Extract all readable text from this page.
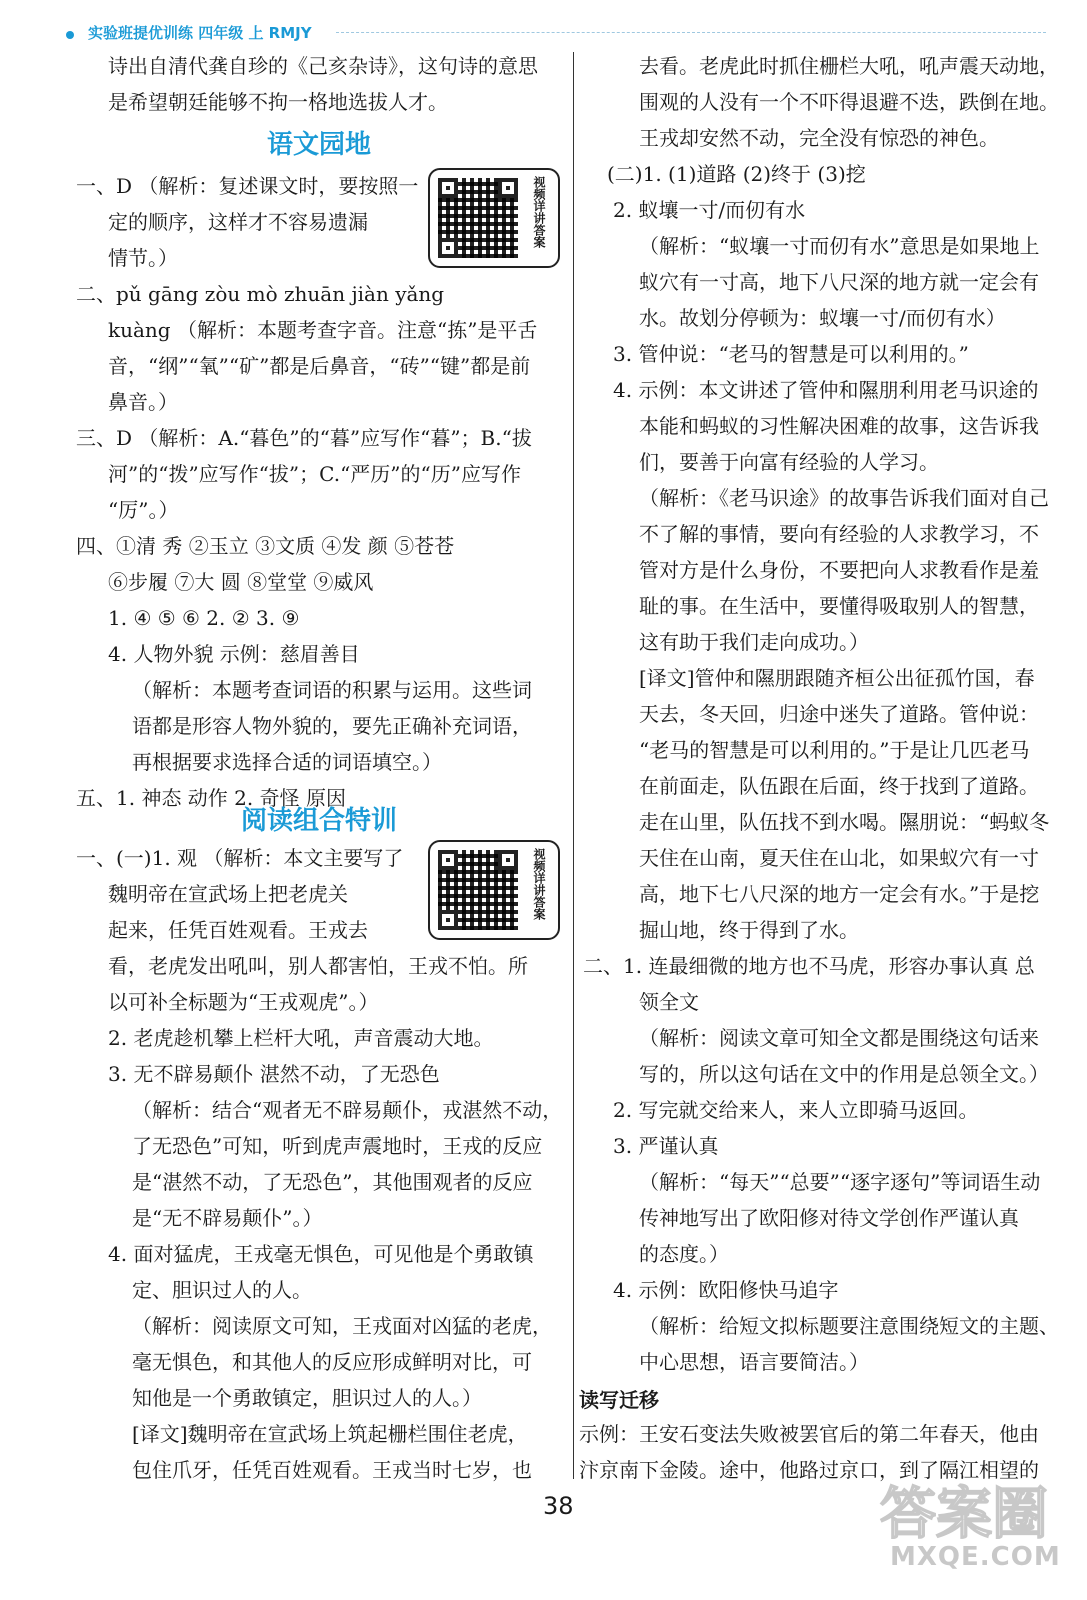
实验班提优训练 四年级 上 RMJY
诗出自清代龚自珍的《己亥杂诗》，这句诗的意思
是希望朝廷能够不拘一格地选拔人才。
语文园地
视频详讲答案
一、D （解析：复述课文时，要按照一
定的顺序，这样才不容易遗漏
情节。）
二、pǔ gāng zòu mò zhuān jiàn yǎng
kuàng （解析：本题考查字音。注意“拣”是平舌
音，“纲”“氧”“矿”都是后鼻音，“砖”“键”都是前
鼻音。）
三、D （解析：A.“暮色”的“暮”应写作“暮”；B.“拔
河”的“拨”应写作“拔”；C.“严历”的“历”应写作
“厉”。）
四、①清 秀 ②玉立 ③文质 ④发 颜 ⑤苍苍
⑥步履 ⑦大 圆 ⑧堂堂 ⑨威风
1. ④ ⑤ ⑥ 2. ② 3. ⑨
4. 人物外貌 示例：慈眉善目
（解析：本题考查词语的积累与运用。这些词
语都是形容人物外貌的，要先正确补充词语，
再根据要求选择合适的词语填空。）
五、1. 神态 动作 2. 奇怪 原因
阅读组合特训
视频详讲答案
一、(一)1. 观 （解析：本文主要写了
魏明帝在宣武场上把老虎关
起来，任凭百姓观看。王戎去
看，老虎发出吼叫，别人都害怕，王戎不怕。所
以可补全标题为“王戎观虎”。）
2. 老虎趁机攀上栏杆大吼，声音震动大地。
3. 无不辟易颠仆 湛然不动，了无恐色
（解析：结合“观者无不辟易颠仆，戎湛然不动，
了无恐色”可知，听到虎声震地时，王戎的反应
是“湛然不动，了无恐色”，其他围观者的反应
是“无不辟易颠仆”。）
4. 面对猛虎，王戎毫无惧色，可见他是个勇敢镇
定、胆识过人的人。
（解析：阅读原文可知，王戎面对凶猛的老虎，
毫无惧色，和其他人的反应形成鲜明对比，可
知他是一个勇敢镇定，胆识过人的人。）
[译文]魏明帝在宣武场上筑起栅栏围住老虎，
包住爪牙，任凭百姓观看。王戎当时七岁，也
去看。老虎此时抓住栅栏大吼，吼声震天动地，
围观的人没有一个不吓得退避不迭，跌倒在地。
王戎却安然不动，完全没有惊恐的神色。
(二)1. (1)道路 (2)终于 (3)挖
2. 蚁壤一寸/而仞有水
（解析：“蚁壤一寸而仞有水”意思是如果地上
蚁穴有一寸高，地下八尺深的地方就一定会有
水。故划分停顿为：蚁壤一寸/而仞有水）
3. 管仲说：“老马的智慧是可以利用的。”
4. 示例：本文讲述了管仲和隰朋利用老马识途的
本能和蚂蚁的习性解决困难的故事，这告诉我
们，要善于向富有经验的人学习。
（解析：《老马识途》的故事告诉我们面对自己
不了解的事情，要向有经验的人求教学习，不
管对方是什么身份，不要把向人求教看作是羞
耻的事。在生活中，要懂得吸取别人的智慧，
这有助于我们走向成功。）
[译文]管仲和隰朋跟随齐桓公出征孤竹国，春
天去，冬天回，归途中迷失了道路。管仲说：
“老马的智慧是可以利用的。”于是让几匹老马
在前面走，队伍跟在后面，终于找到了道路。
走在山里，队伍找不到水喝。隰朋说：“蚂蚁冬
天住在山南，夏天住在山北，如果蚁穴有一寸
高，地下七八尺深的地方一定会有水。”于是挖
掘山地，终于得到了水。
二、1. 连最细微的地方也不马虎，形容办事认真 总
领全文
（解析：阅读文章可知全文都是围绕这句话来
写的，所以这句话在文中的作用是总领全文。）
2. 写完就交给来人，来人立即骑马返回。
3. 严谨认真
（解析：“每天”“总要”“逐字逐句”等词语生动
传神地写出了欧阳修对待文学创作严谨认真
的态度。）
4. 示例：欧阳修快马追字
（解析：给短文拟标题要注意围绕短文的主题、
中心思想，语言要简洁。）
读写迁移
示例：王安石变法失败被罢官后的第二年春天，他由
汴京南下金陵。途中，他路过京口，到了隔江相望的
38	答案圈
MXQE.COM
